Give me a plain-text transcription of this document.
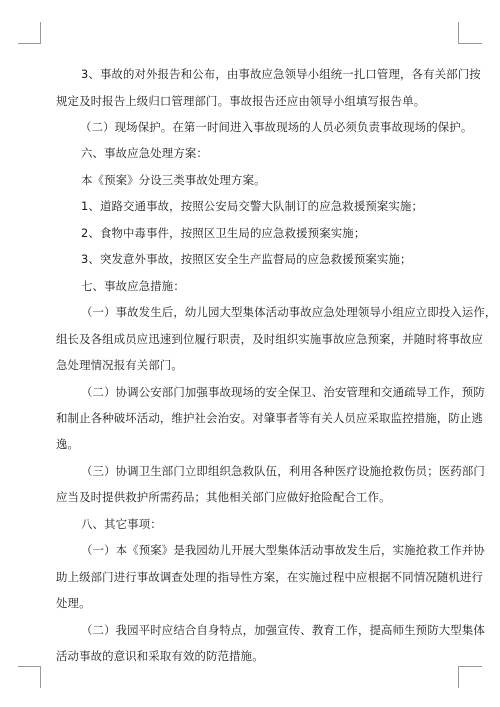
3、事故的对外报告和公布，由事故应急领导小组统一扎口管理，各有关部门按
规定及时报告上级归口管理部门。事故报告还应由领导小组填写报告单。
（二）现场保护。在第一时间进入事故现场的人员必须负责事故现场的保护。
六、事故应急处理方案：
本《预案》分设三类事故处理方案。
1、道路交通事故，按照公安局交警大队制订的应急救援预案实施；
2、食物中毒事件，按照区卫生局的应急救援预案实施；
3、突发意外事故，按照区安全生产监督局的应急救援预案实施；
七、事故应急措施：
（一）事故发生后，幼儿园大型集体活动事故应急处理领导小组应立即投入运作，
组长及各组成员应迅速到位履行职责，及时组织实施事故应急预案，并随时将事故应
急处理情况报有关部门。
（二）协调公安部门加强事故现场的安全保卫、治安管理和交通疏导工作，预防
和制止各种破坏活动，维护社会治安。对肇事者等有关人员应采取监控措施，防止逃
逸。
（三）协调卫生部门立即组织急救队伍，利用各种医疗设施抢救伤员；医药部门
应当及时提供救护所需药品；其他相关部门应做好抢险配合工作。
八、其它事项：
（一）本《预案》是我园幼儿开展大型集体活动事故发生后，实施抢救工作并协
助上级部门进行事故调查处理的指导性方案，在实施过程中应根据不同情况随机进行
处理。
（二）我园平时应结合自身特点，加强宣传、教育工作，提高师生预防大型集体
活动事故的意识和采取有效的防范措施。
